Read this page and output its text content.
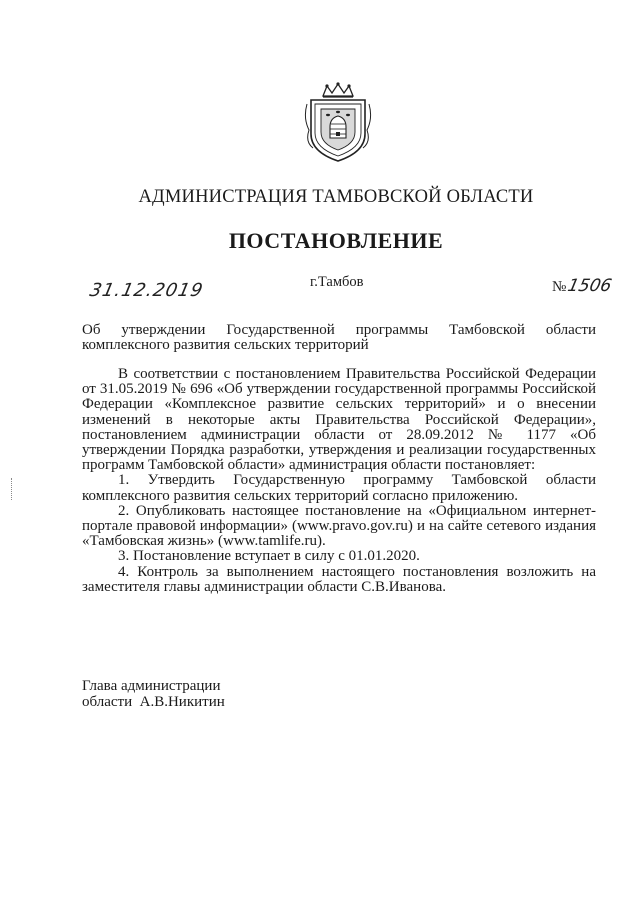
АДМИНИСТРАЦИЯ ТАМБОВСКОЙ ОБЛАСТИ
ПОСТАНОВЛЕНИЕ
31.12.2019	г.Тамбов	№1506
Об утверждении Государственной программы Тамбовской области
комплексного развития сельских территорий
В соответствии с постановлением Правительства Российской Федерации от 31.05.2019 № 696 «Об утверждении государственной программы Российской Федерации «Комплексное развитие сельских территорий» и о внесении изменений в некоторые акты Правительства Российской Федерации», постановлением администрации области от 28.09.2012 № 1177 «Об утверждении Порядка разработки, утверждения и реализации государственных программ Тамбовской области» администрация области постановляет:
1. Утвердить Государственную программу Тамбовской области комплексного развития сельских территорий согласно приложению.
2. Опубликовать настоящее постановление на «Официальном интернет-портале правовой информации» (www.pravo.gov.ru) и на сайте сетевого издания «Тамбовская жизнь» (www.tamlife.ru).
3. Постановление вступает в силу с 01.01.2020.
4. Контроль за выполнением настоящего постановления возложить на заместителя главы администрации области С.В.Иванова.
Глава администрации
области  А.В.Никитин
